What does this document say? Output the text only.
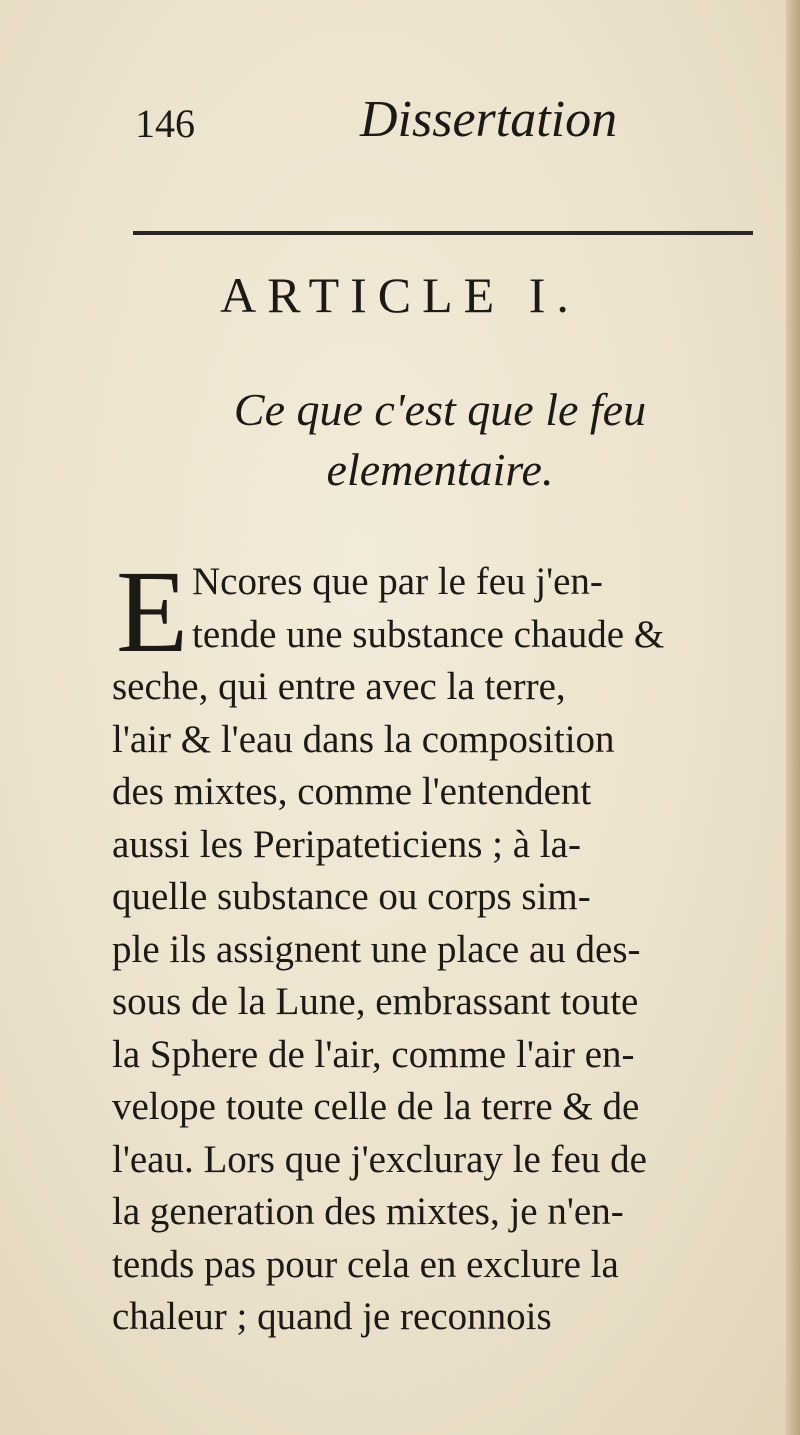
146	Dissertation
ARTICLE I.
Ce que c'est que le feu
elementaire.
E Ncores que par le feu j'en-
tende une substance chaude &
seche, qui entre avec la terre,
l'air & l'eau dans la composition
des mixtes, comme l'entendent
aussi les Peripateticiens ; à la-
quelle substance ou corps sim-
ple ils assignent une place au des-
sous de la Lune, embrassant toute
la Sphere de l'air, comme l'air en-
velope toute celle de la terre & de
l'eau. Lors que j'excluray le feu de
la generation des mixtes, je n'en-
tends pas pour cela en exclure la
chaleur ; quand je reconnois
